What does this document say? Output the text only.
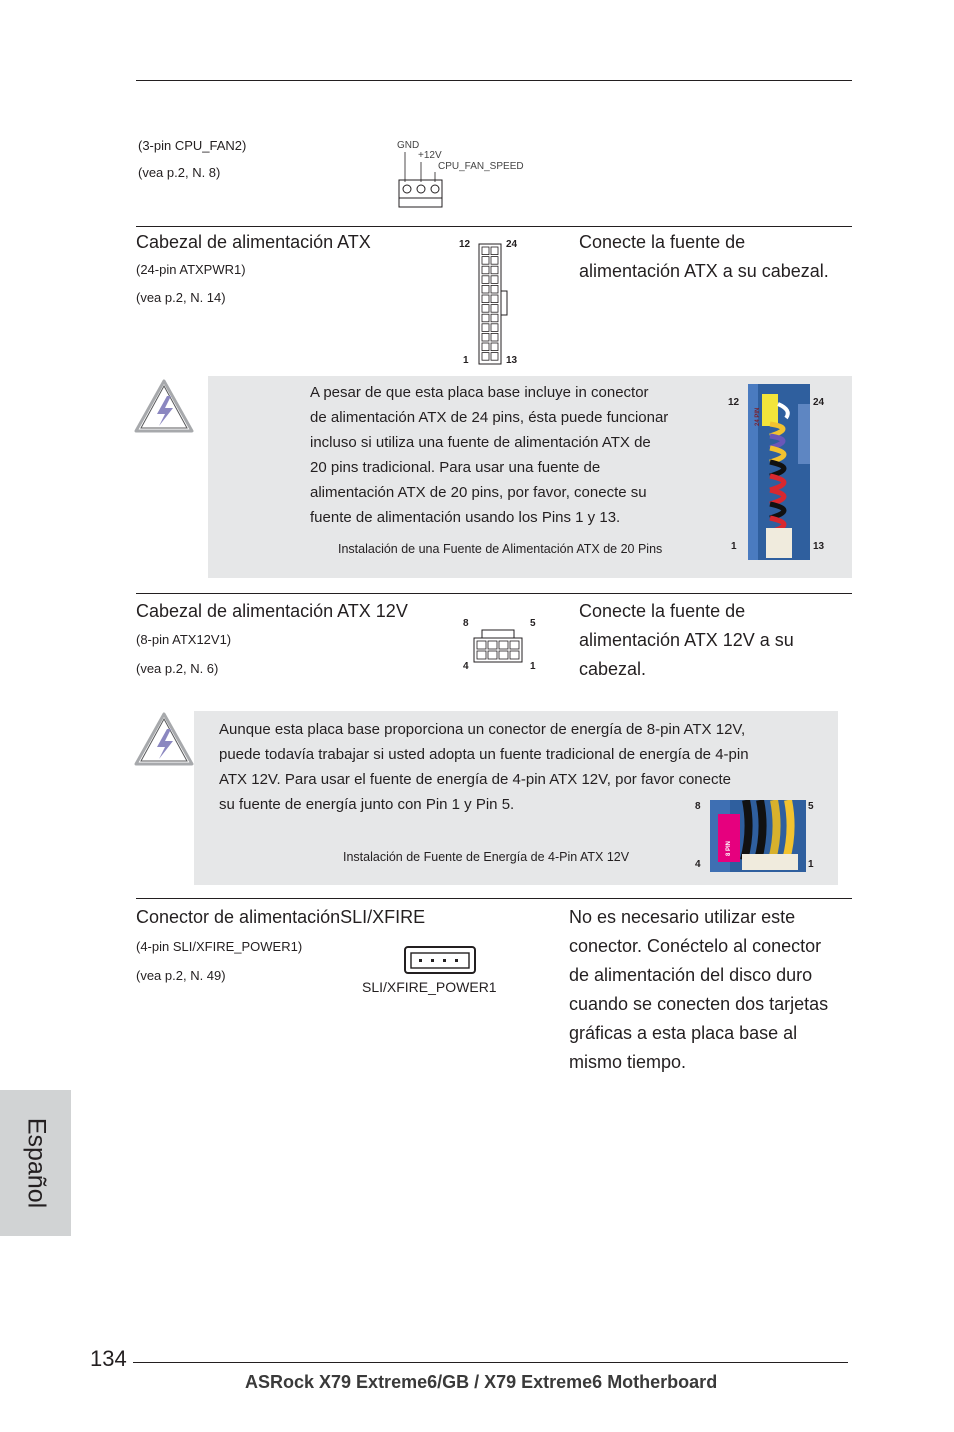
(3-pin CPU_FAN2)
(vea p.2, N. 8)
GND
+12V
CPU_FAN_SPEED
Cabezal de alimentación ATX
(24-pin ATXPWR1)
(vea p.2, N. 14)
Conecte la fuente de
alimentación ATX a su cabezal.
12	24
1	13
A pesar de que esta placa base incluye in conector
de alimentación ATX de 24 pins, ésta puede funcionar
incluso si utiliza una fuente de alimentación ATX de
20 pins tradicional. Para usar una fuente de
alimentación ATX de 20 pins, por favor, conecte su
fuente de alimentación usando los Pins 1 y 13.
Instalación de una Fuente de Alimentación ATX de 20 Pins
12	24
1	13
24 PIN
Cabezal de alimentación ATX 12V
(8-pin ATX12V1)
(vea p.2, N. 6)
Conecte la fuente de
alimentación ATX 12V a su
cabezal.
8	5
4	1
Aunque esta placa base proporciona un conector de energía de 8-pin ATX 12V,
puede todavía trabajar si usted adopta un fuente tradicional de energía de 4-pin
ATX 12V. Para usar el fuente de energía de 4-pin ATX 12V, por favor conecte
su fuente de energía junto con Pin 1 y Pin 5.
Instalación de Fuente de Energía de 4-Pin ATX 12V
8	5
4	1
8 PIN
Conector de alimentaciónSLI/XFIRE
(4-pin SLI/XFIRE_POWER1)
(vea p.2, N. 49)
SLI/XFIRE_POWER1
No es necesario utilizar este
conector. Conéctelo al conector
de alimentación del disco duro
cuando se conecten dos tarjetas
gráficas a esta placa base al
mismo tiempo.
Español
134
ASRock X79 Extreme6/GB / X79 Extreme6 Motherboard
